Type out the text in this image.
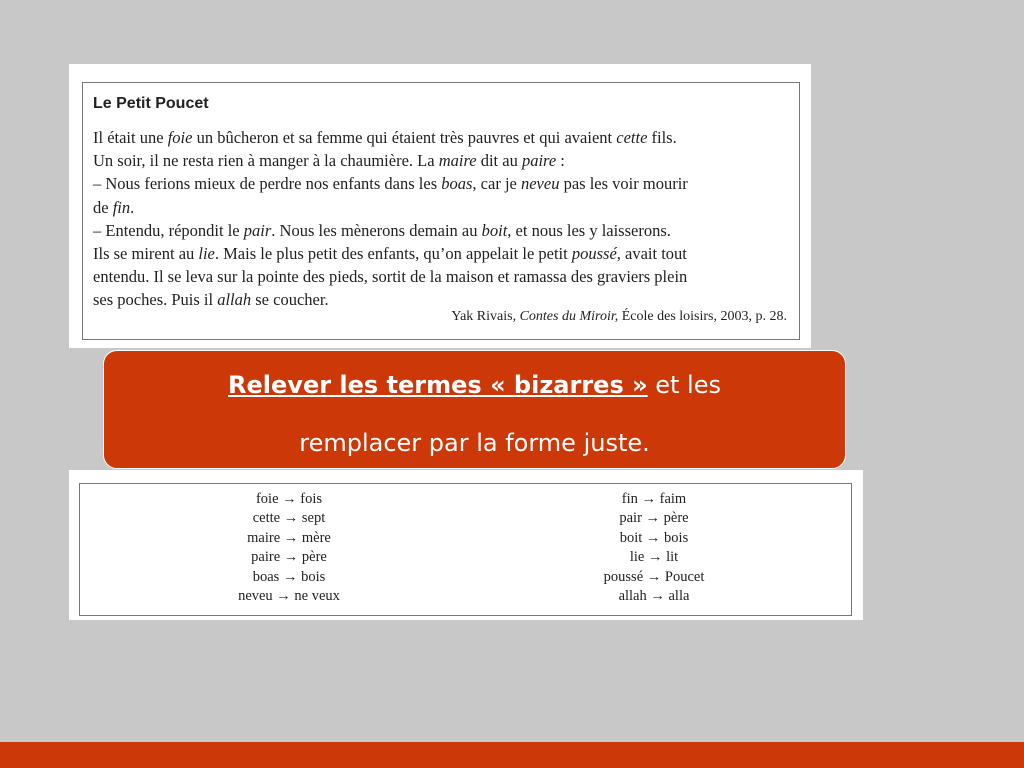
Le Petit Poucet
Il était une foie un bûcheron et sa femme qui étaient très pauvres et qui avaient cette fils.
Un soir, il ne resta rien à manger à la chaumière. La maire dit au paire :
– Nous ferions mieux de perdre nos enfants dans les boas, car je neveu pas les voir mourir
de fin.
– Entendu, répondit le pair. Nous les mènerons demain au boit, et nous les y laisserons.
Ils se mirent au lie. Mais le plus petit des enfants, qu’on appelait le petit poussé, avait tout
entendu. Il se leva sur la pointe des pieds, sortit de la maison et ramassa des graviers plein
ses poches. Puis il allah se coucher.
Yak Rivais, Contes du Miroir, École des loisirs, 2003, p. 28.
foie → fois
cette → sept
maire → mère
paire → père
boas → bois
neveu → ne veux
fin → faim
pair → père
boit → bois
lie → lit
poussé → Poucet
allah → alla
Relever les termes « bizarres » et les
remplacer par la forme juste.
